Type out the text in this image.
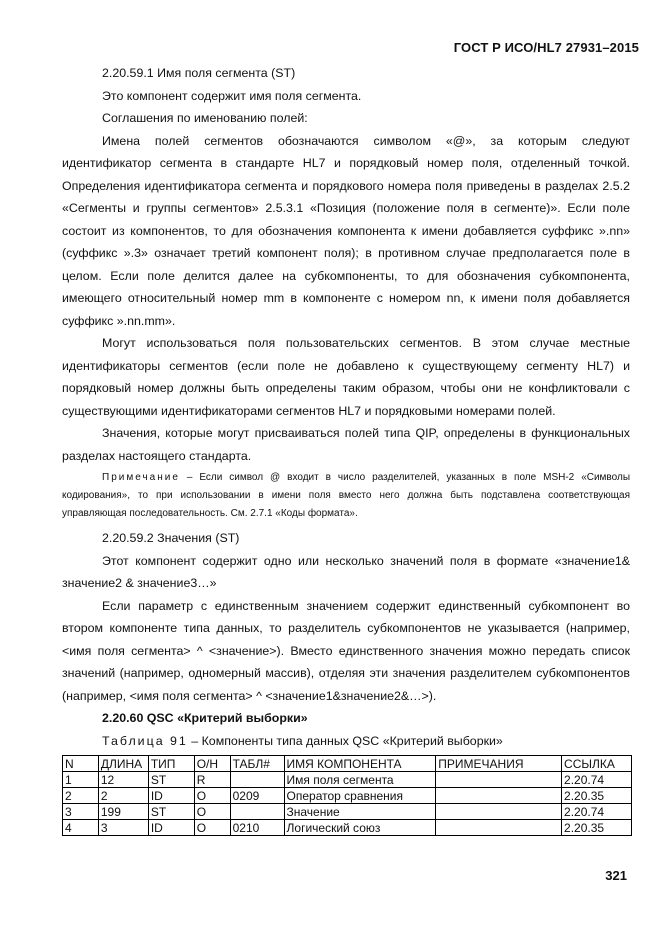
ГОСТ Р ИСО/HL7 27931–2015

2.20.59.1 Имя поля сегмента (ST)

Это компонент содержит имя поля сегмента.

Соглашения по именованию полей:

Имена полей сегментов обозначаются символом «@», за которым следуют идентификатор сегмента в стандарте HL7 и порядковый номер поля, отделенный точкой. Определения идентификатора сегмента и порядкового номера поля приведены в разделах 2.5.2 «Сегменты и группы сегментов» 2.5.3.1 «Позиция (положение поля в сегменте)». Если поле состоит из компонентов, то для обозначения компонента к имени добавляется суффикс ».nn» (суффикс ».3» означает третий компонент поля); в противном случае предполагается поле в целом. Если поле делится далее на субкомпоненты, то для обозначения субкомпонента, имеющего относительный номер mm в компоненте с номером nn, к имени поля добавляется суффикс ».nn.mm».

Могут использоваться поля пользовательских сегментов. В этом случае местные идентификаторы сегментов (если поле не добавлено к существующему сегменту HL7) и порядковый номер должны быть определены таким образом, чтобы они не конфликтовали с существующими идентификаторами сегментов HL7 и порядковыми номерами полей.

Значения, которые могут присваиваться полей типа QIP, определены в функциональных разделах настоящего стандарта.

Примечание – Если символ @ входит в число разделителей, указанных в поле MSH-2 «Символы кодирования», то при использовании в имени поля вместо него должна быть подставлена соответствующая управляющая последовательность. См. 2.7.1 «Коды формата».

2.20.59.2 Значения (ST)

Этот компонент содержит одно или несколько значений поля в формате «значение1& значение2 & значение3…»

Если параметр с единственным значением содержит единственный субкомпонент во втором компоненте типа данных, то разделитель субкомпонентов не указывается (например, <имя поля сегмента> ^ <значение>). Вместо единственного значения можно передать список значений (например, одномерный массив), отделяя эти значения разделителем субкомпонентов (например, <имя поля сегмента> ^ <значение1&значение2&…>).

2.20.60 QSC «Критерий выборки»

Таблица 91 – Компоненты типа данных QSC «Критерий выборки»

N	ДЛИНА	ТИП	О/Н	ТАБЛ#	ИМЯ КОМПОНЕНТА	ПРИМЕЧАНИЯ	ССЫЛКА
1	12	ST	R		Имя поля сегмента		2.20.74
2	2	ID	O	0209	Оператор сравнения		2.20.35
3	199	ST	O		Значение		2.20.74
4	3	ID	O	0210	Логический союз		2.20.35
321
